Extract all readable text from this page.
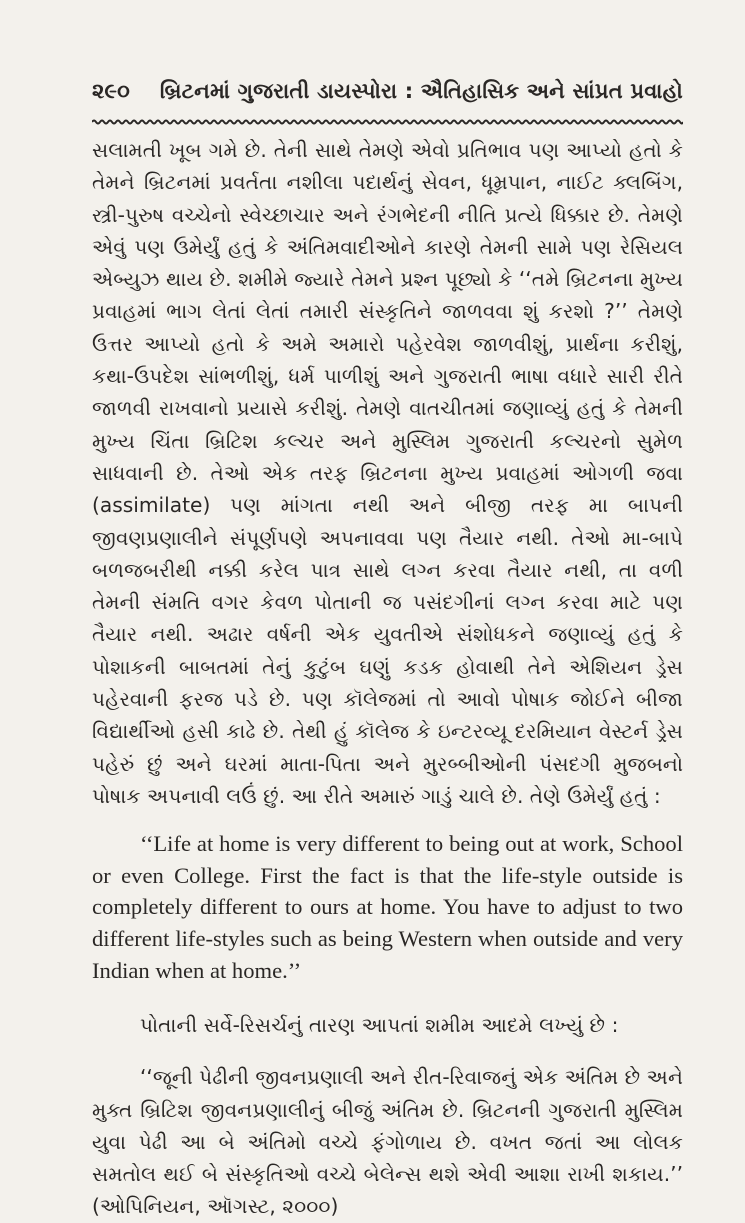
૨૯૦ બ્રિટનમાં ગુજરાતી ડાયસ્પોરા : ઐતિહાસિક અને સાંપ્રત પ્રવાહો

સલામતી ખૂબ ગમે છે. તેની સાથે તેમણે એવો પ્રતિભાવ પણ આપ્યો હતો કે તેમને બ્રિટનમાં પ્રવર્તતા નશીલા પદાર્થનું સેવન, ધૂમ્રપાન, નાઈટ ક્લબિંગ, સ્ત્રી-પુરુષ વચ્ચેનો સ્વેચ્છાચાર અને રંગભેદની નીતિ પ્રત્યે ધિક્કાર છે. તેમણે એવું પણ ઉમેર્યું હતું કે અંતિમવાદીઓને કારણે તેમની સામે પણ રેસિયલ એબ્યુઝ થાય છે. શમીમે જ્યારે તેમને પ્રશ્ન પૂછ્યો કે ‘‘તમે બ્રિટનના મુખ્ય પ્રવાહમાં ભાગ લેતાં લેતાં તમારી સંસ્કૃતિને જાળવવા શું કરશો ?’’ તેમણે ઉત્તર આપ્યો હતો કે અમે અમારો પહેરવેશ જાળવીશું, પ્રાર્થના કરીશું, કથા-ઉપદેશ સાંભળીશું, ધર્મ પાળીશું અને ગુજરાતી ભાષા વધારે સારી રીતે જાળવી રાખવાનો પ્રયાસે કરીશું. તેમણે વાતચીતમાં જણાવ્યું હતું કે તેમની મુખ્ય ચિંતા બ્રિટિશ કલ્ચર અને મુસ્લિમ ગુજરાતી કલ્ચરનો સુમેળ સાધવાની છે. તેઓ એક તરફ બ્રિટનના મુખ્ય પ્રવાહમાં ઓગળી જવા (assimilate) પણ માંગતા નથી અને બીજી તરફ મા બાપની જીવણપ્રણાલીને સંપૂર્ણપણે અપનાવવા પણ તૈયાર નથી. તેઓ મા-બાપે બળજબરીથી નક્કી કરેલ પાત્ર સાથે લગ્ન કરવા તૈયાર નથી, તા વળી તેમની સંમતિ વગર કેવળ પોતાની જ પસંદગીનાં લગ્ન કરવા માટે પણ તૈયાર નથી. અઢાર વર્ષની એક યુવતીએ સંશોધકને જણાવ્યું હતું કે પોશાકની બાબતમાં તેનું કુટુંબ ઘણું કડક હોવાથી તેને એશિયન ડ્રેસ પહેરવાની ફરજ પડે છે. પણ કૉલેજમાં તો આવો પોષાક જોઈને બીજા વિદ્યાર્થીઓ હસી કાઢે છે. તેથી હું કૉલેજ કે ઇન્ટરવ્યૂ દરમિયાન વેસ્ટર્ન ડ્રેસ પહેરું છું અને ઘરમાં માતા-પિતા અને મુરબ્બીઓની પંસદગી મુજબનો પોષાક અપનાવી લઉં છું. આ રીતે અમારું ગાડું ચાલે છે. તેણે ઉમેર્યું હતું :

‘‘Life at home is very different to being out at work, School or even College. First the fact is that the life-style outside is completely different to ours at home. You have to adjust to two different life-styles such as being Western when outside and very Indian when at home.’’

પોતાની સર્વે-રિસર્ચનું તારણ આપતાં શમીમ આદમે લખ્યું છે :

‘‘જૂની પેઢીની જીવનપ્રણાલી અને રીત-રિવાજનું એક અંતિમ છે અને મુક્ત બ્રિટિશ જીવનપ્રણાલીનું બીજું અંતિમ છે. બ્રિટનની ગુજરાતી મુસ્લિમ યુવા પેઢી આ બે અંતિમો વચ્ચે ફંગોળાય છે. વખત જતાં આ લોલક સમતોલ થઈ બે સંસ્કૃતિઓ વચ્ચે બેલેન્સ થશે એવી આશા રાખી શકાય.’’ (ઓપિનિયન, ઑગસ્ટ, ૨૦૦૦)
